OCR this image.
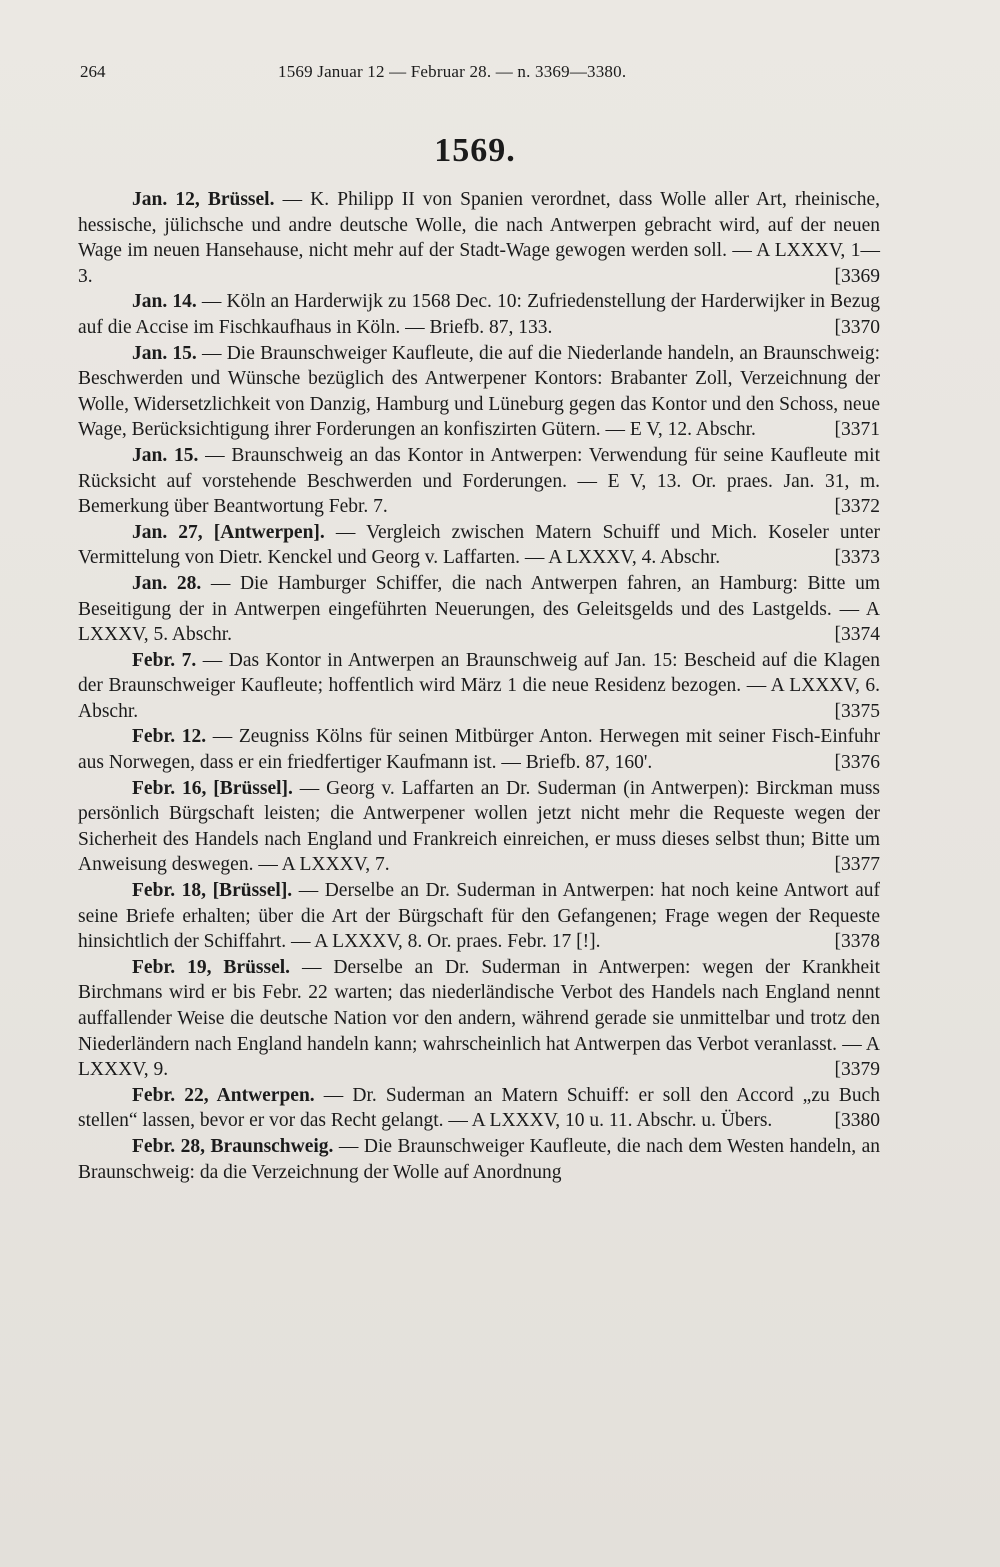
264	1569 Januar 12 — Februar 28. — n. 3369—3380.
1569.

Jan. 12, Brüssel. — K. Philipp II von Spanien verordnet, dass Wolle aller Art, rheinische, hessische, jülichsche und andre deutsche Wolle, die nach Antwerpen gebracht wird, auf der neuen Wage im neuen Hansehause, nicht mehr auf der Stadt-Wage gewogen werden soll. — A LXXXV, 1—3.	[3369

Jan. 14. — Köln an Harderwijk zu 1568 Dec. 10: Zufriedenstellung der Harderwijker in Bezug auf die Accise im Fischkaufhaus in Köln. — Briefb. 87, 133.	[3370

Jan. 15. — Die Braunschweiger Kaufleute, die auf die Niederlande handeln, an Braunschweig: Beschwerden und Wünsche bezüglich des Antwerpener Kontors: Brabanter Zoll, Verzeichnung der Wolle, Widersetzlichkeit von Danzig, Hamburg und Lüneburg gegen das Kontor und den Schoss, neue Wage, Berücksichtigung ihrer Forderungen an konfiszirten Gütern. — E V, 12. Abschr.	[3371

Jan. 15. — Braunschweig an das Kontor in Antwerpen: Verwendung für seine Kaufleute mit Rücksicht auf vorstehende Beschwerden und Forderungen. — E V, 13. Or. praes. Jan. 31, m. Bemerkung über Beantwortung Febr. 7.	[3372

Jan. 27, [Antwerpen]. — Vergleich zwischen Matern Schuiff und Mich. Koseler unter Vermittelung von Dietr. Kenckel und Georg v. Laffarten. — A LXXXV, 4. Abschr.	[3373

Jan. 28. — Die Hamburger Schiffer, die nach Antwerpen fahren, an Hamburg: Bitte um Beseitigung der in Antwerpen eingeführten Neuerungen, des Geleitsgelds und des Lastgelds. — A LXXXV, 5. Abschr.	[3374

Febr. 7. — Das Kontor in Antwerpen an Braunschweig auf Jan. 15: Bescheid auf die Klagen der Braunschweiger Kaufleute; hoffentlich wird März 1 die neue Residenz bezogen. — A LXXXV, 6. Abschr.	[3375

Febr. 12. — Zeugniss Kölns für seinen Mitbürger Anton. Herwegen mit seiner Fisch-Einfuhr aus Norwegen, dass er ein friedfertiger Kaufmann ist. — Briefb. 87, 160'.	[3376

Febr. 16, [Brüssel]. — Georg v. Laffarten an Dr. Suderman (in Antwerpen): Birckman muss persönlich Bürgschaft leisten; die Antwerpener wollen jetzt nicht mehr die Requeste wegen der Sicherheit des Handels nach England und Frankreich einreichen, er muss dieses selbst thun; Bitte um Anweisung deswegen. — A LXXXV, 7.	[3377

Febr. 18, [Brüssel]. — Derselbe an Dr. Suderman in Antwerpen: hat noch keine Antwort auf seine Briefe erhalten; über die Art der Bürgschaft für den Gefangenen; Frage wegen der Requeste hinsichtlich der Schiffahrt. — A LXXXV, 8. Or. praes. Febr. 17 [!].	[3378

Febr. 19, Brüssel. — Derselbe an Dr. Suderman in Antwerpen: wegen der Krankheit Birchmans wird er bis Febr. 22 warten; das niederländische Verbot des Handels nach England nennt auffallender Weise die deutsche Nation vor den andern, während gerade sie unmittelbar und trotz den Niederländern nach England handeln kann; wahrscheinlich hat Antwerpen das Verbot veranlasst. — A LXXXV, 9.	[3379

Febr. 22, Antwerpen. — Dr. Suderman an Matern Schuiff: er soll den Accord „zu Buch stellen“ lassen, bevor er vor das Recht gelangt. — A LXXXV, 10 u. 11. Abschr. u. Übers.	[3380

Febr. 28, Braunschweig. — Die Braunschweiger Kaufleute, die nach dem Westen handeln, an Braunschweig: da die Verzeichnung der Wolle auf Anordnung
